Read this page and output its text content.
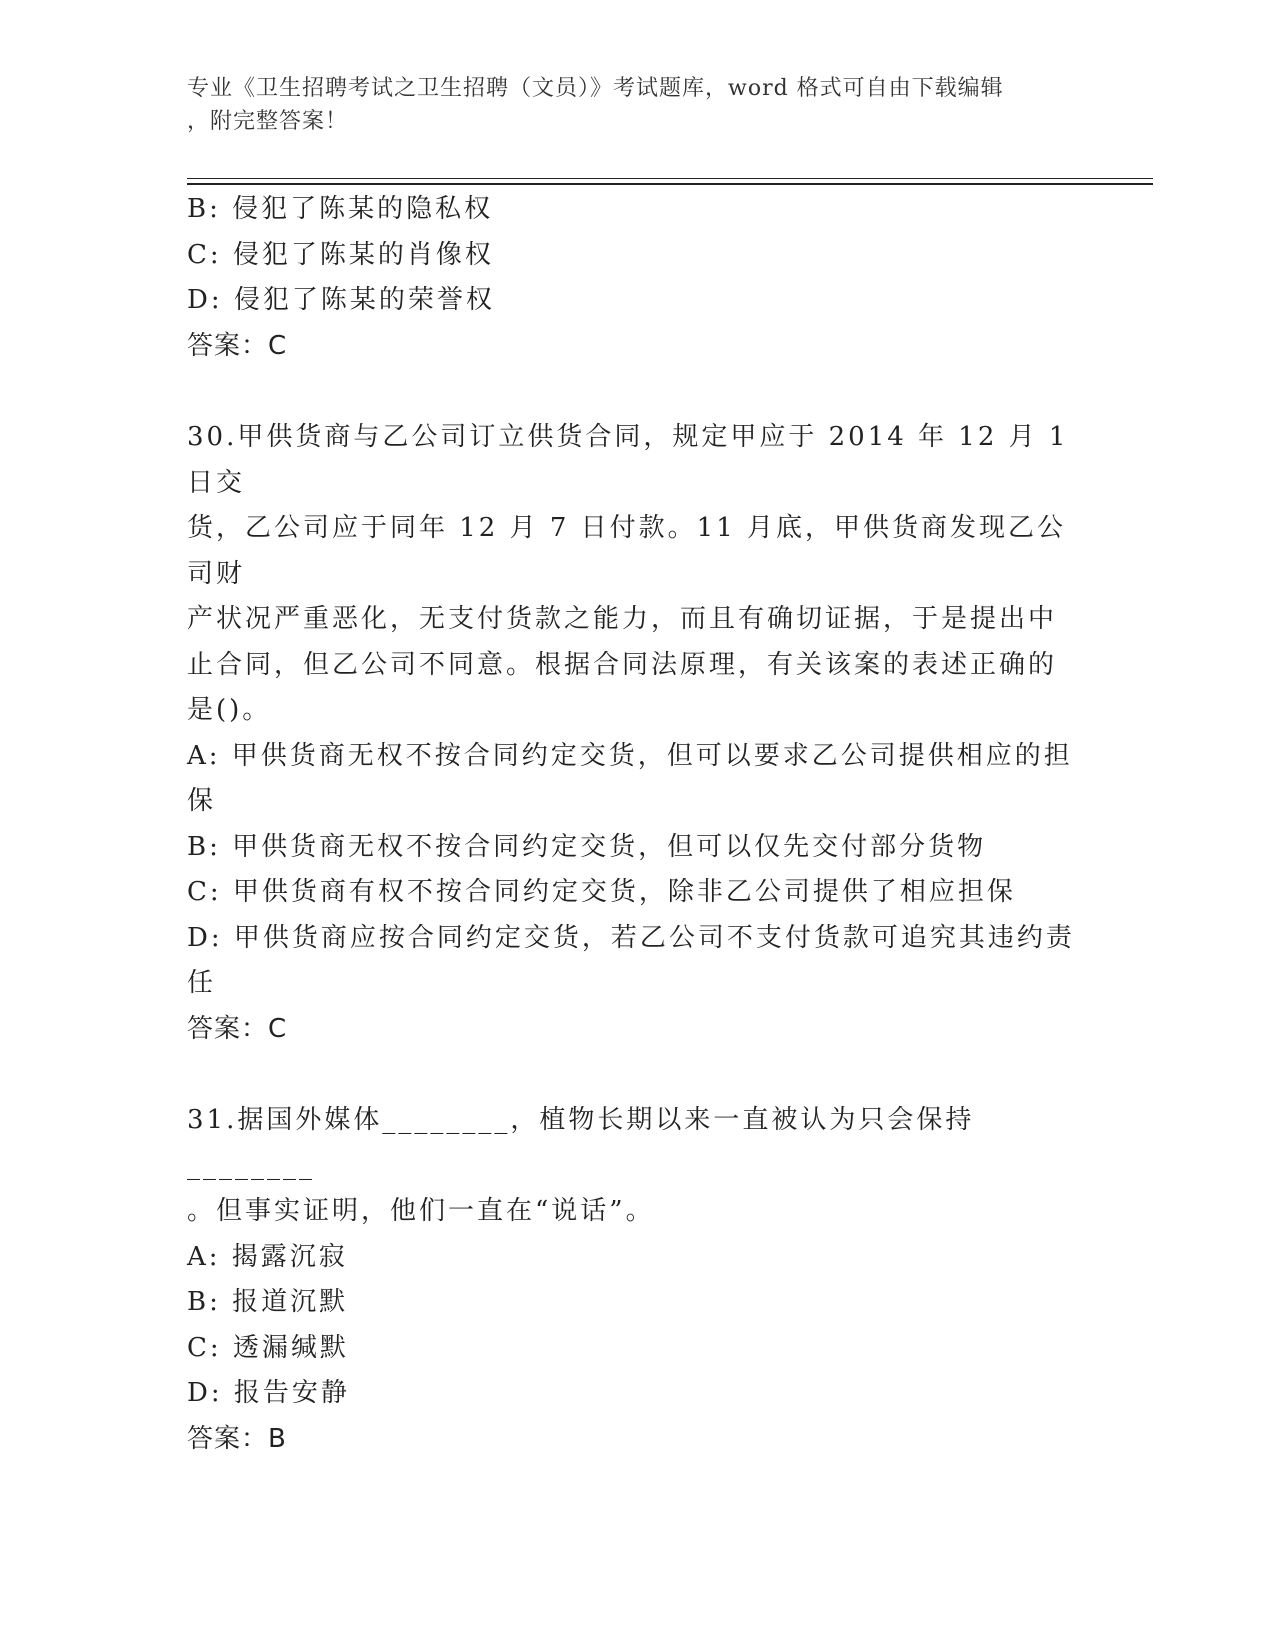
专业《卫生招聘考试之卫生招聘（文员）》考试题库，word 格式可自由下载编辑
，附完整答案！
B: 侵犯了陈某的隐私权
C: 侵犯了陈某的肖像权
D: 侵犯了陈某的荣誉权
答案：C
30.甲供货商与乙公司订立供货合同，规定甲应于 2014 年 12 月 1 日交
货，乙公司应于同年 12 月 7 日付款。11 月底，甲供货商发现乙公司财
产状况严重恶化，无支付货款之能力，而且有确切证据，于是提出中
止合同，但乙公司不同意。根据合同法原理，有关该案的表述正确的
是()。
A: 甲供货商无权不按合同约定交货，但可以要求乙公司提供相应的担
保
B: 甲供货商无权不按合同约定交货，但可以仅先交付部分货物
C: 甲供货商有权不按合同约定交货，除非乙公司提供了相应担保
D: 甲供货商应按合同约定交货，若乙公司不支付货款可追究其违约责
任
答案：C
31.据国外媒体________，植物长期以来一直被认为只会保持________
。但事实证明，他们一直在“说话”。
A: 揭露沉寂
B: 报道沉默
C: 透漏缄默
D: 报告安静
答案：B
